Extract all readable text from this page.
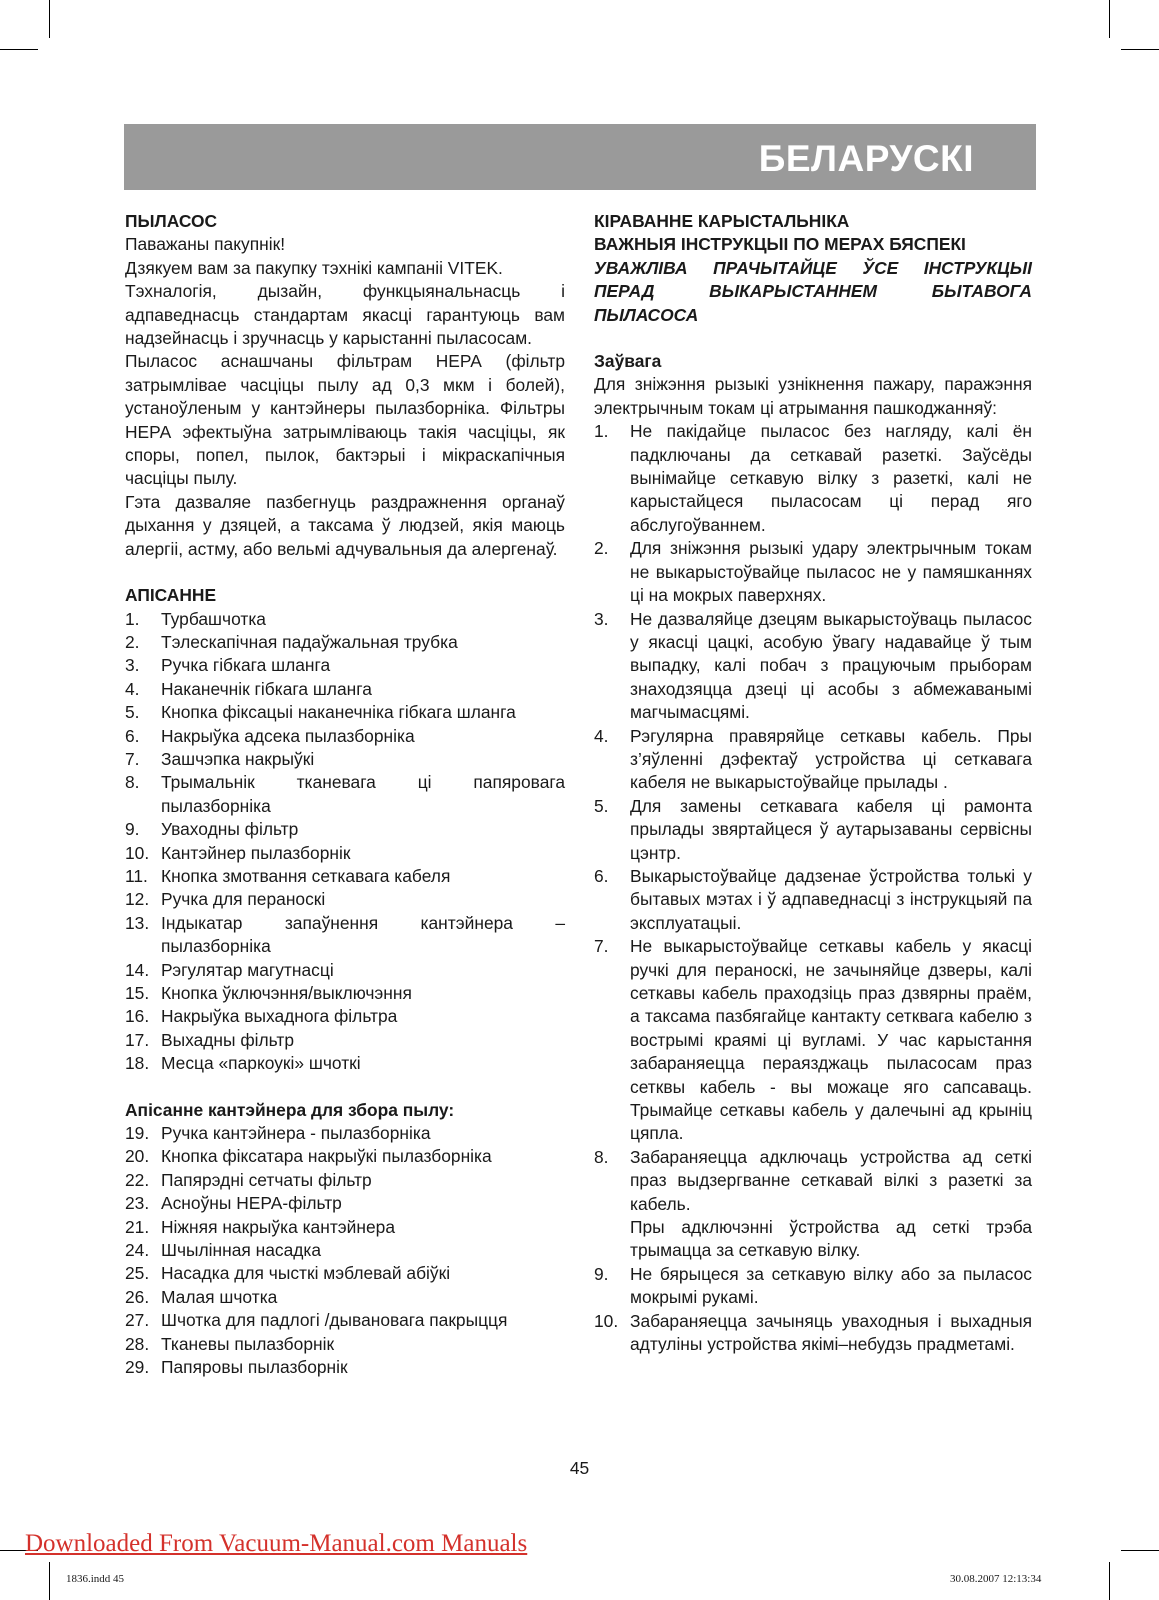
БЕЛАРУСКІ

ПЫЛАСОС

Паважаны пакупнік!

Дзякуем вам за пакупку тэхнікі кампаніі VITEK.

Тэхналогія, дызайн, функцыянальнасць і адпаведнасць стандартам якасці гарантуюць вам надзейнасць і зручнасць у карыстанні пыласосам.

Пыласос аснашчаны фільтрам НЕРА (фільтр затрымлівае часціцы пылу ад 0,3 мкм і болей), устаноўленым у кантэйнеры пылазборніка. Фільтры НЕРА эфектыўна затрымліваюць такія часціцы, як споры, попел, пылок, бактэрыі і мікраскапічныя часціцы пылу.

Гэта дазваляе пазбегнуць раздражнення органаў дыхання у дзяцей, а таксама ў людзей, якія маюць алергіі, астму, або вельмі адчувальныя да алергенаў.

АПІСАННЕ

1. Турбашчотка
2. Тэлескапічная падаўжальная трубка
3. Ручка гібкага шланга
4. Наканечнік гібкага шланга
5. Кнопка фіксацыі наканечніка гібкага шланга
6. Накрыўка адсека пылазборніка
7. Зашчэпка накрыўкі
8. Трымальнік тканевага ці папяровага пылазборніка
9. Уваходны фільтр
10. Кантэйнер пылазборнік
11. Кнопка змотвання сеткавага кабеля
12. Ручка для пераноскі
13. Індыкатар запаўнення кантэйнера – пылазборніка
14. Рэгулятар магутнасці
15. Кнопка ўключэння/выключэння
16. Накрыўка выхаднога фільтра
17. Выхадны фільтр
18. Месца «паркоукі» шчоткі

Апісанне кантэйнера для збора пылу:

19. Ручка кантэйнера - пылазборніка
20. Кнопка фіксатара накрыўкі пылазборніка
22. Папярэдні сетчаты фільтр
23. Асноўны НЕРА-фільтр
21. Ніжняя накрыўка кантэйнера
24. Шчылінная насадка
25. Насадка для чысткі мэблевай абіўкі
26. Малая шчотка
27. Шчотка для падлогі /дывановага пакрыцця
28. Тканевы пылазборнік
29. Папяровы пылазборнік

КІРАВАННЕ КАРЫСТАЛЬНІКА

ВАЖНЫЯ ІНСТРУКЦЫІ ПО МЕРАХ БЯСПЕКІ

УВАЖЛІВА ПРАЧЫТАЙЦЕ ЎСЕ ІНСТРУКЦЫІ ПЕРАД ВЫКАРЫСТАННЕМ БЫТАВОГА ПЫЛАСОСА

Заўвага

Для зніжэння рызыкі узнікнення пажару, паражэння электрычным токам ці атрымання пашкоджанняў:

1. Не пакідайце пыласос без нагляду, калі ён падключаны да сеткавай разеткі. Заўсёды вынімайце сеткавую вілку з разеткі, калі не карыстайцеся пыласосам ці перад яго абслугоўваннем.
2. Для зніжэння рызыкі удару электрычным токам не выкарыстоўвайце пыласос не у памяшканнях ці на мокрых паверхнях.
3. Не дазваляйце дзецям выкарыстоўваць пыласос у якасці цацкі, асобую ўвагу надавайце ў тым выпадку, калі побач з працуючым прыборам знаходзяцца дзеці ці асобы з абмежаванымі магчымасцямі.
4. Рэгулярна правяряйце сеткавы кабель. Пры з’яўленні дэфектаў устройства ці сеткавага кабеля не выкарыстоўвайце прылады .
5. Для замены сеткавага кабеля ці рамонта прылады звяртайцеся ў аутарызаваны сервісны цэнтр.
6. Выкарыстоўвайце дадзенае ўстройства толькі у бытавых мэтах і ў адпаведнасці з інструкцыяй па эксплуатацыі.
7. Не выкарыстоўвайце сеткавы кабель у якасці ручкі для пераноскі, не зачыняйце дзверы, калі сеткавы кабель праходзіць праз дзвярны праём, а таксама пазбягайце кантакту сетквага кабелю з вострымі краямі ці вугламі. У час карыстання забараняецца пераязджаць пыласосам праз сетквы кабель - вы можаце яго сапсаваць. Трымайце сеткавы кабель у далечыні ад крыніц цяпла.
8. Забараняецца адключаць устройства ад сеткі праз выдзергванне сеткавай вілкі з разеткі за кабель.
Пры адключэнні ўстройства ад сеткі трэба трымацца за сеткавую вілку.
9. Не бярыцеся за сеткавую вілку або за пыласос мокрымі рукамі.
10. Забараняецца зачыняць уваходныя і выхадныя адтуліны устройства якімі–небудзь прадметамі.
45
Downloaded From Vacuum-Manual.com Manuals
1836.indd 45	30.08.2007 12:13:34
